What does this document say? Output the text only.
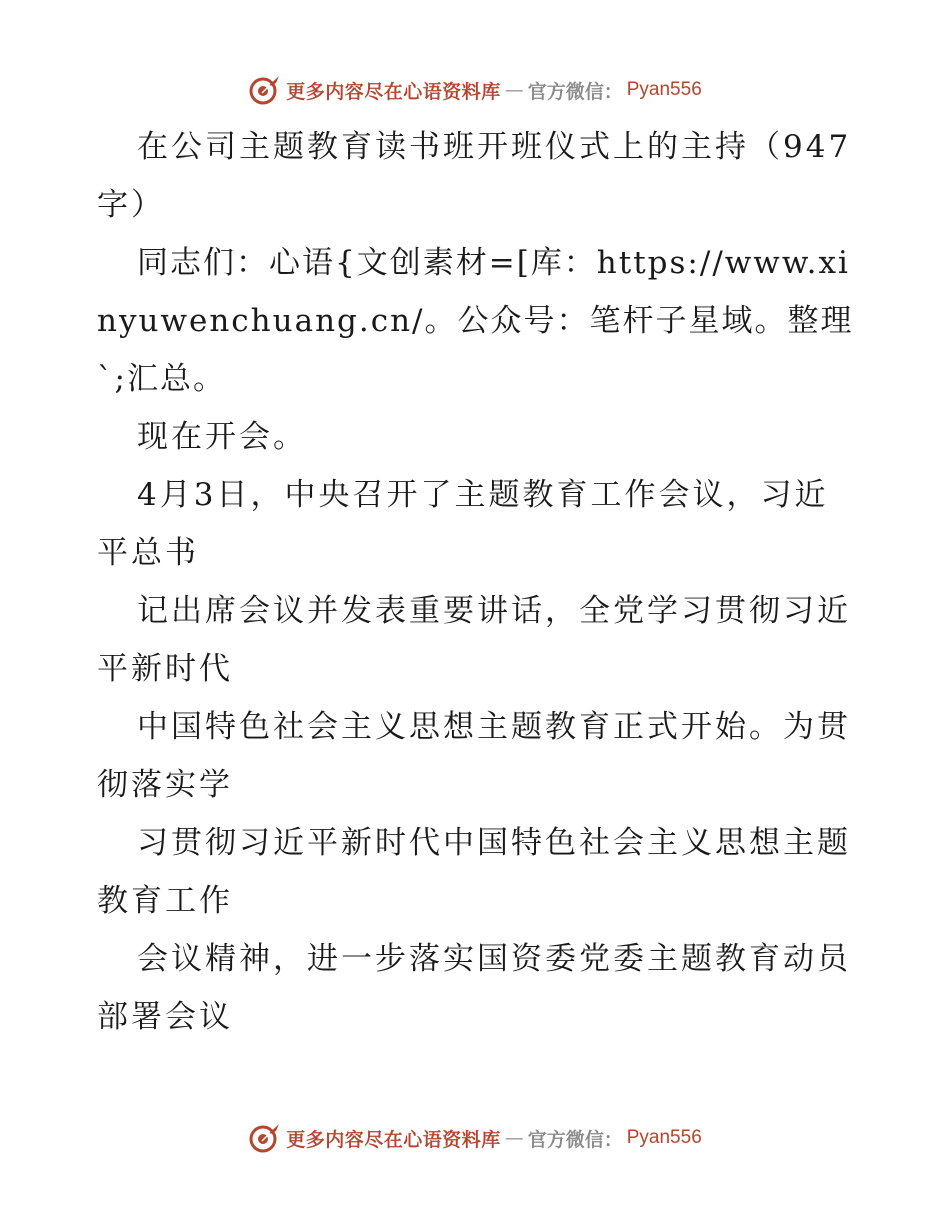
更多内容尽在心语资料库 — 官方微信： Pyan556

在公司主题教育读书班开班仪式上的主持（947字）

同志们：心语{文创素材=[库：https://www.xinyuwenchuang.cn/。公众号：笔杆子星域。整理`;汇总。

现在开会。

4月3日，中央召开了主题教育工作会议，习近平总书

记出席会议并发表重要讲话，全党学习贯彻习近平新时代

中国特色社会主义思想主题教育正式开始。为贯彻落实学

习贯彻习近平新时代中国特色社会主义思想主题教育工作

会议精神，进一步落实国资委党委主题教育动员部署会议

更多内容尽在心语资料库 — 官方微信： Pyan556
